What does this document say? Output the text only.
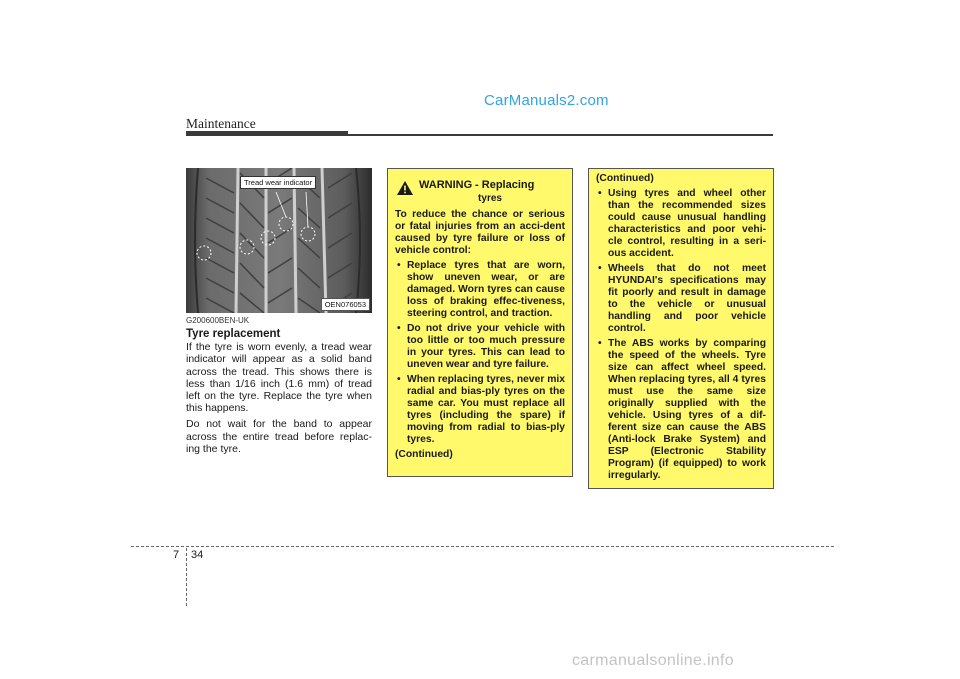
CarManuals2.com
Maintenance
OEN076053
Tread wear indicator
G200600BEN-UK
Tyre replacement

If the tyre is worn evenly, a tread wear indicator will appear as a solid band across the tread. This shows there is less than 1/16 inch (1.6 mm) of tread left on the tyre. Replace the tyre when this happens.

Do not wait for the band to appear across the entire tread before replac-ing the tyre.

WARNING - Replacing
tyres

To reduce the chance or serious or fatal injuries from an acci-dent caused by tyre failure or loss of vehicle control:

• Replace tyres that are worn, show uneven wear, or are damaged. Worn tyres can cause loss of braking effec-tiveness, steering control, and traction.
• Do not drive your vehicle with too little or too much pressure in your tyres. This can lead to uneven wear and tyre failure.
• When replacing tyres, never mix radial and bias-ply tyres on the same car. You must replace all tyres (including the spare) if moving from radial to bias-ply tyres.

(Continued)

(Continued)

• Using tyres and wheel other than the recommended sizes could cause unusual handling characteristics and poor vehi-cle control, resulting in a seri-ous accident.
• Wheels that do not meet HYUNDAI's specifications may fit poorly and result in damage to the vehicle or unusual handling and poor vehicle control.
• The ABS works by comparing the speed of the wheels. Tyre size can affect wheel speed. When replacing tyres, all 4 tyres must use the same size originally supplied with the vehicle. Using tyres of a dif-ferent size can cause the ABS (Anti-lock Brake System) and ESP (Electronic Stability Program) (if equipped) to work irregularly.
7 34
carmanualsonline.info
